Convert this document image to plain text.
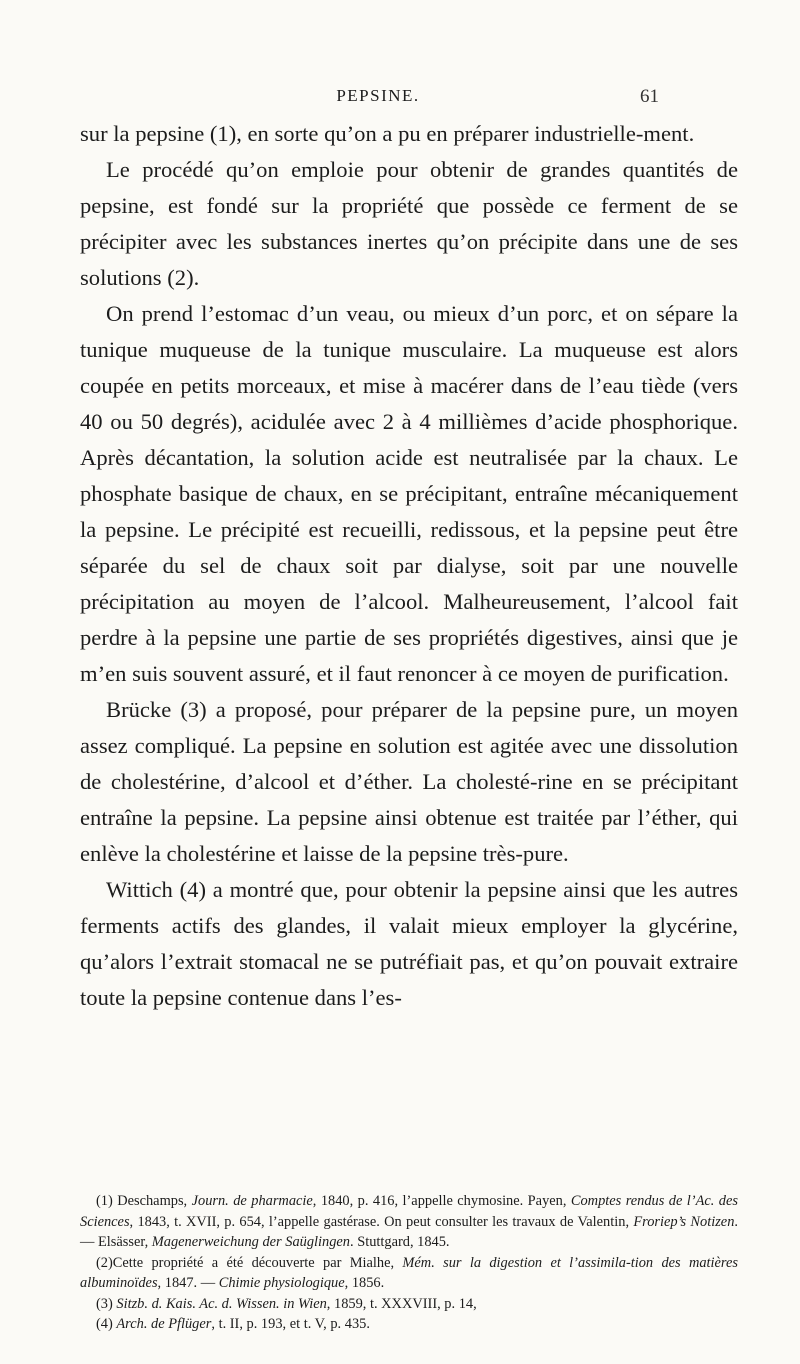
PEPSINE.	61

sur la pepsine (1), en sorte qu’on a pu en préparer industrielle-ment.

Le procédé qu’on emploie pour obtenir de grandes quantités de pepsine, est fondé sur la propriété que possède ce ferment de se précipiter avec les substances inertes qu’on précipite dans une de ses solutions (2).

On prend l’estomac d’un veau, ou mieux d’un porc, et on sépare la tunique muqueuse de la tunique musculaire. La muqueuse est alors coupée en petits morceaux, et mise à macérer dans de l’eau tiède (vers 40 ou 50 degrés), acidulée avec 2 à 4 millièmes d’acide phosphorique. Après décantation, la solution acide est neutralisée par la chaux. Le phosphate basique de chaux, en se précipitant, entraîne mécaniquement la pepsine. Le précipité est recueilli, redissous, et la pepsine peut être séparée du sel de chaux soit par dialyse, soit par une nouvelle précipitation au moyen de l’alcool. Malheureusement, l’alcool fait perdre à la pepsine une partie de ses propriétés digestives, ainsi que je m’en suis souvent assuré, et il faut renoncer à ce moyen de purification.

Brücke (3) a proposé, pour préparer de la pepsine pure, un moyen assez compliqué. La pepsine en solution est agitée avec une dissolution de cholestérine, d’alcool et d’éther. La cholesté-rine en se précipitant entraîne la pepsine. La pepsine ainsi obtenue est traitée par l’éther, qui enlève la cholestérine et laisse de la pepsine très-pure.

Wittich (4) a montré que, pour obtenir la pepsine ainsi que les autres ferments actifs des glandes, il valait mieux employer la glycérine, qu’alors l’extrait stomacal ne se putréfiait pas, et qu’on pouvait extraire toute la pepsine contenue dans l’es-

(1) Deschamps, Journ. de pharmacie, 1840, p. 416, l’appelle chymosine. Payen, Comptes rendus de l’Ac. des Sciences, 1843, t. XVII, p. 654, l’appelle gastérase. On peut consulter les travaux de Valentin, Froriep’s Notizen. — Elsässer, Magenerweichung der Saüglingen. Stuttgard, 1845.

(2)Cette propriété a été découverte par Mialhe, Mém. sur la digestion et l’assimila-tion des matières albuminoïdes, 1847. — Chimie physiologique, 1856.

(3) Sitzb. d. Kais. Ac. d. Wissen. in Wien, 1859, t. XXXVIII, p. 14,

(4) Arch. de Pflüger, t. II, p. 193, et t. V, p. 435.
